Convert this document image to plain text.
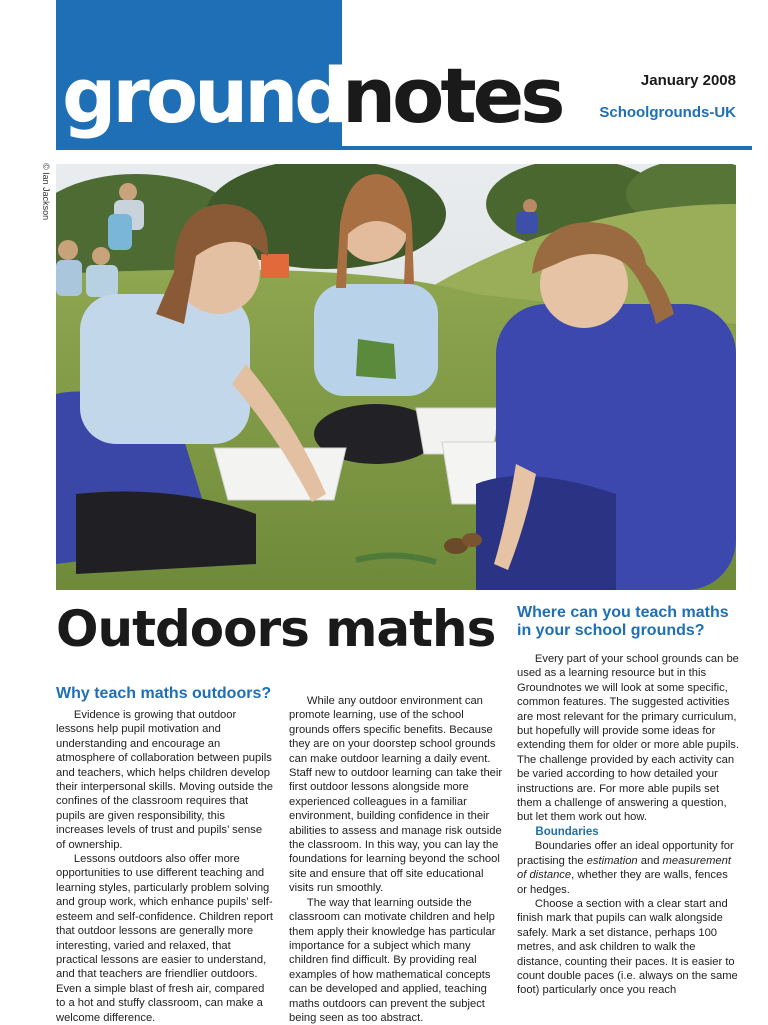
ground
notes	January 2008
Schoolgrounds-UK
© Ian Jackson
Outdoors maths
Why teach maths outdoors?

Evidence is growing that outdoor lessons help pupil motivation and understanding and encourage an atmosphere of collaboration between pupils and teachers, which helps children develop their interpersonal skills. Moving outside the confines of the classroom requires that pupils are given responsibility, this increases levels of trust and pupils’ sense of ownership.

Lessons outdoors also offer more opportunities to use different teaching and learning styles, particularly problem solving and group work, which enhance pupils’ self-esteem and self-confidence. Children report that outdoor lessons are generally more interesting, varied and relaxed, that practical lessons are easier to understand, and that teachers are friendlier outdoors. Even a simple blast of fresh air, compared to a hot and stuffy classroom, can make a welcome difference.

While any outdoor environment can promote learning, use of the school grounds offers specific benefits. Because they are on your doorstep school grounds can make outdoor learning a daily event. Staff new to outdoor learning can take their first outdoor lessons alongside more experienced colleagues in a familiar environment, building confidence in their abilities to assess and manage risk outside the classroom. In this way, you can lay the foundations for learning beyond the school site and ensure that off site educational visits run smoothly.

The way that learning outside the classroom can motivate children and help them apply their knowledge has particular importance for a subject which many children find difficult. By providing real examples of how mathematical concepts can be developed and applied, teaching maths outdoors can prevent the subject being seen as too abstract.

Where can you teach maths in your school grounds?

Every part of your school grounds can be used as a learning resource but in this Groundnotes we will look at some specific, common features. The suggested activities are most relevant for the primary curriculum, but hopefully will provide some ideas for extending them for older or more able pupils. The challenge provided by each activity can be varied according to how detailed your instructions are. For more able pupils set them a challenge of answering a question, but let them work out how.

Boundaries

Boundaries offer an ideal opportunity for practising the estimation and measurement of distance, whether they are walls, fences or hedges.

Choose a section with a clear start and finish mark that pupils can walk alongside safely. Mark a set distance, perhaps 100 metres, and ask children to walk the distance, counting their paces. It is easier to count double paces (i.e. always on the same foot) particularly once you reach
